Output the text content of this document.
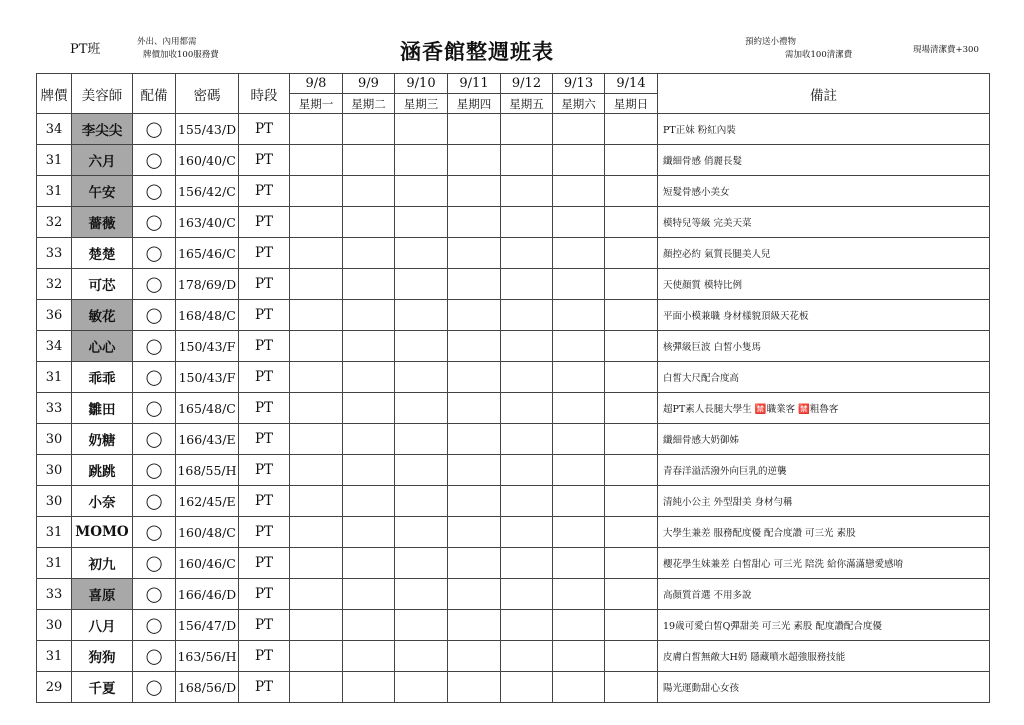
PT班	外出、內用都需
牌價加收100服務費	涵香館整週班表	預約送小禮物
需加收100清潔費	現場清潔費+300
牌價	美容師	配備	密碼	時段	9/8	9/9	9/10	9/11	9/12	9/13	9/14	備註
					星期一	星期二	星期三	星期四	星期五	星期六	星期日	
34	李尖尖	◯	155/43/D	PT								PT正妹 粉紅內裝
31	六月	◯	160/40/C	PT								纖細骨感 俏麗長髮
31	午安	◯	156/42/C	PT								短髮骨感小美女
32	薔薇	◯	163/40/C	PT								模特兒等級 完美天菜
33	楚楚	◯	165/46/C	PT								顏控必約 氣質長腿美人兒
32	可芯	◯	178/69/D	PT								天使顏質 模特比例
36	敏花	◯	168/48/C	PT								平面小模兼職 身材樣貌頂級天花板
34	心心	◯	150/43/F	PT								核彈級巨波 白皙小隻馬
31	乖乖	◯	150/43/F	PT								白皙大尺配合度高
33	雛田	◯	165/48/C	PT								超PT素人長腿大學生 🈲職業客 🈲粗魯客
30	奶糖	◯	166/43/E	PT								纖細骨感大奶御姊
30	跳跳	◯	168/55/H	PT								青春洋溢活潑外向巨乳的逆襲
30	小奈	◯	162/45/E	PT								清純小公主 外型甜美 身材勻稱
31	MOMO	◯	160/48/C	PT								大學生兼差 服務配度優 配合度讚 可三光 素股
31	初九	◯	160/46/C	PT								櫻花學生妹兼差 白皙甜心 可三光 陪洗 給你滿滿戀愛感唷
33	喜原	◯	166/46/D	PT								高顏質首選 不用多說
30	八月	◯	156/47/D	PT								19歲可愛白皙Q彈甜美 可三光 素股 配度讚配合度優
31	狗狗	◯	163/56/H	PT								皮膚白皙無敵大H奶 隱藏噴水超強服務技能
29	千夏	◯	168/56/D	PT								陽光運動甜心女孩
